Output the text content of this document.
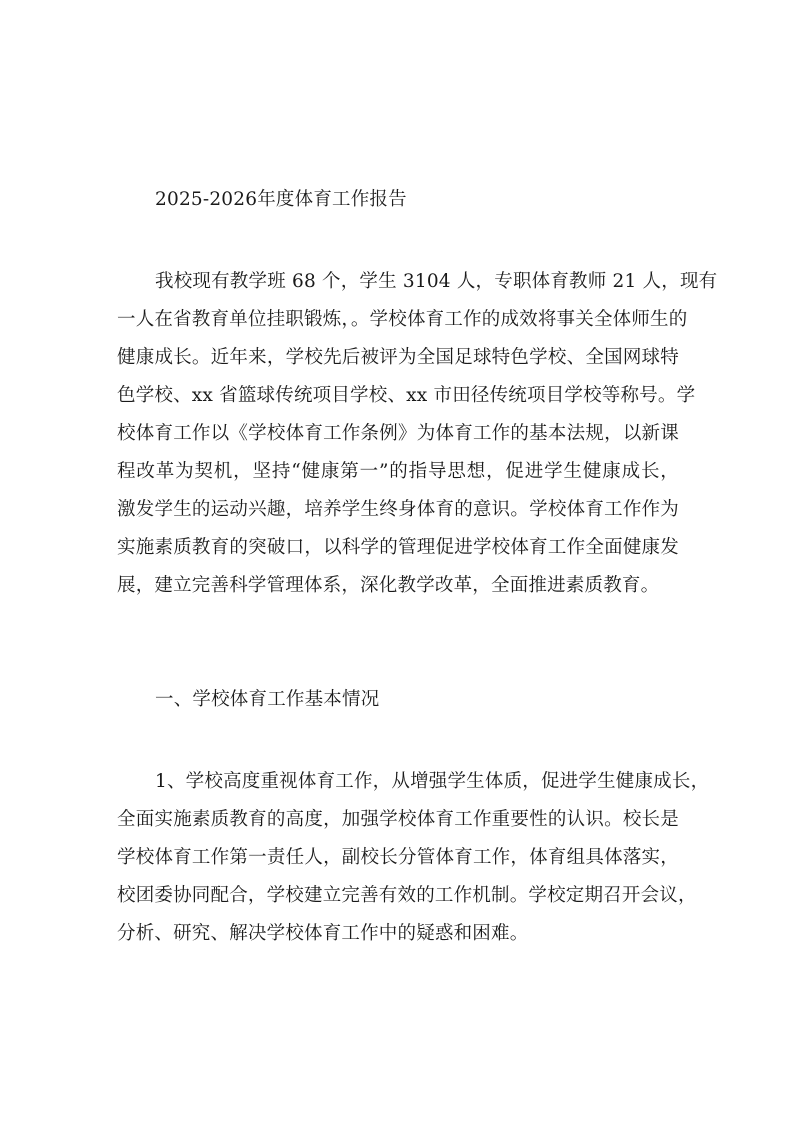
2025-2026年度体育工作报告
我校现有教学班 68 个，学生 3104 人，专职体育教师 21 人，现有
一人在省教育单位挂职锻炼，。学校体育工作的成效将事关全体师生的
健康成长。近年来，学校先后被评为全国足球特色学校、全国网球特
色学校、xx 省篮球传统项目学校、xx 市田径传统项目学校等称号。学
校体育工作以《学校体育工作条例》为体育工作的基本法规，以新课
程改革为契机，坚持“健康第一”的指导思想，促进学生健康成长，
激发学生的运动兴趣，培养学生终身体育的意识。学校体育工作作为
实施素质教育的突破口，以科学的管理促进学校体育工作全面健康发
展，建立完善科学管理体系，深化教学改革，全面推进素质教育。
一、学校体育工作基本情况
1、学校高度重视体育工作，从增强学生体质，促进学生健康成长，
全面实施素质教育的高度，加强学校体育工作重要性的认识。校长是
学校体育工作第一责任人，副校长分管体育工作，体育组具体落实，
校团委协同配合，学校建立完善有效的工作机制。学校定期召开会议，
分析、研究、解决学校体育工作中的疑惑和困难。
